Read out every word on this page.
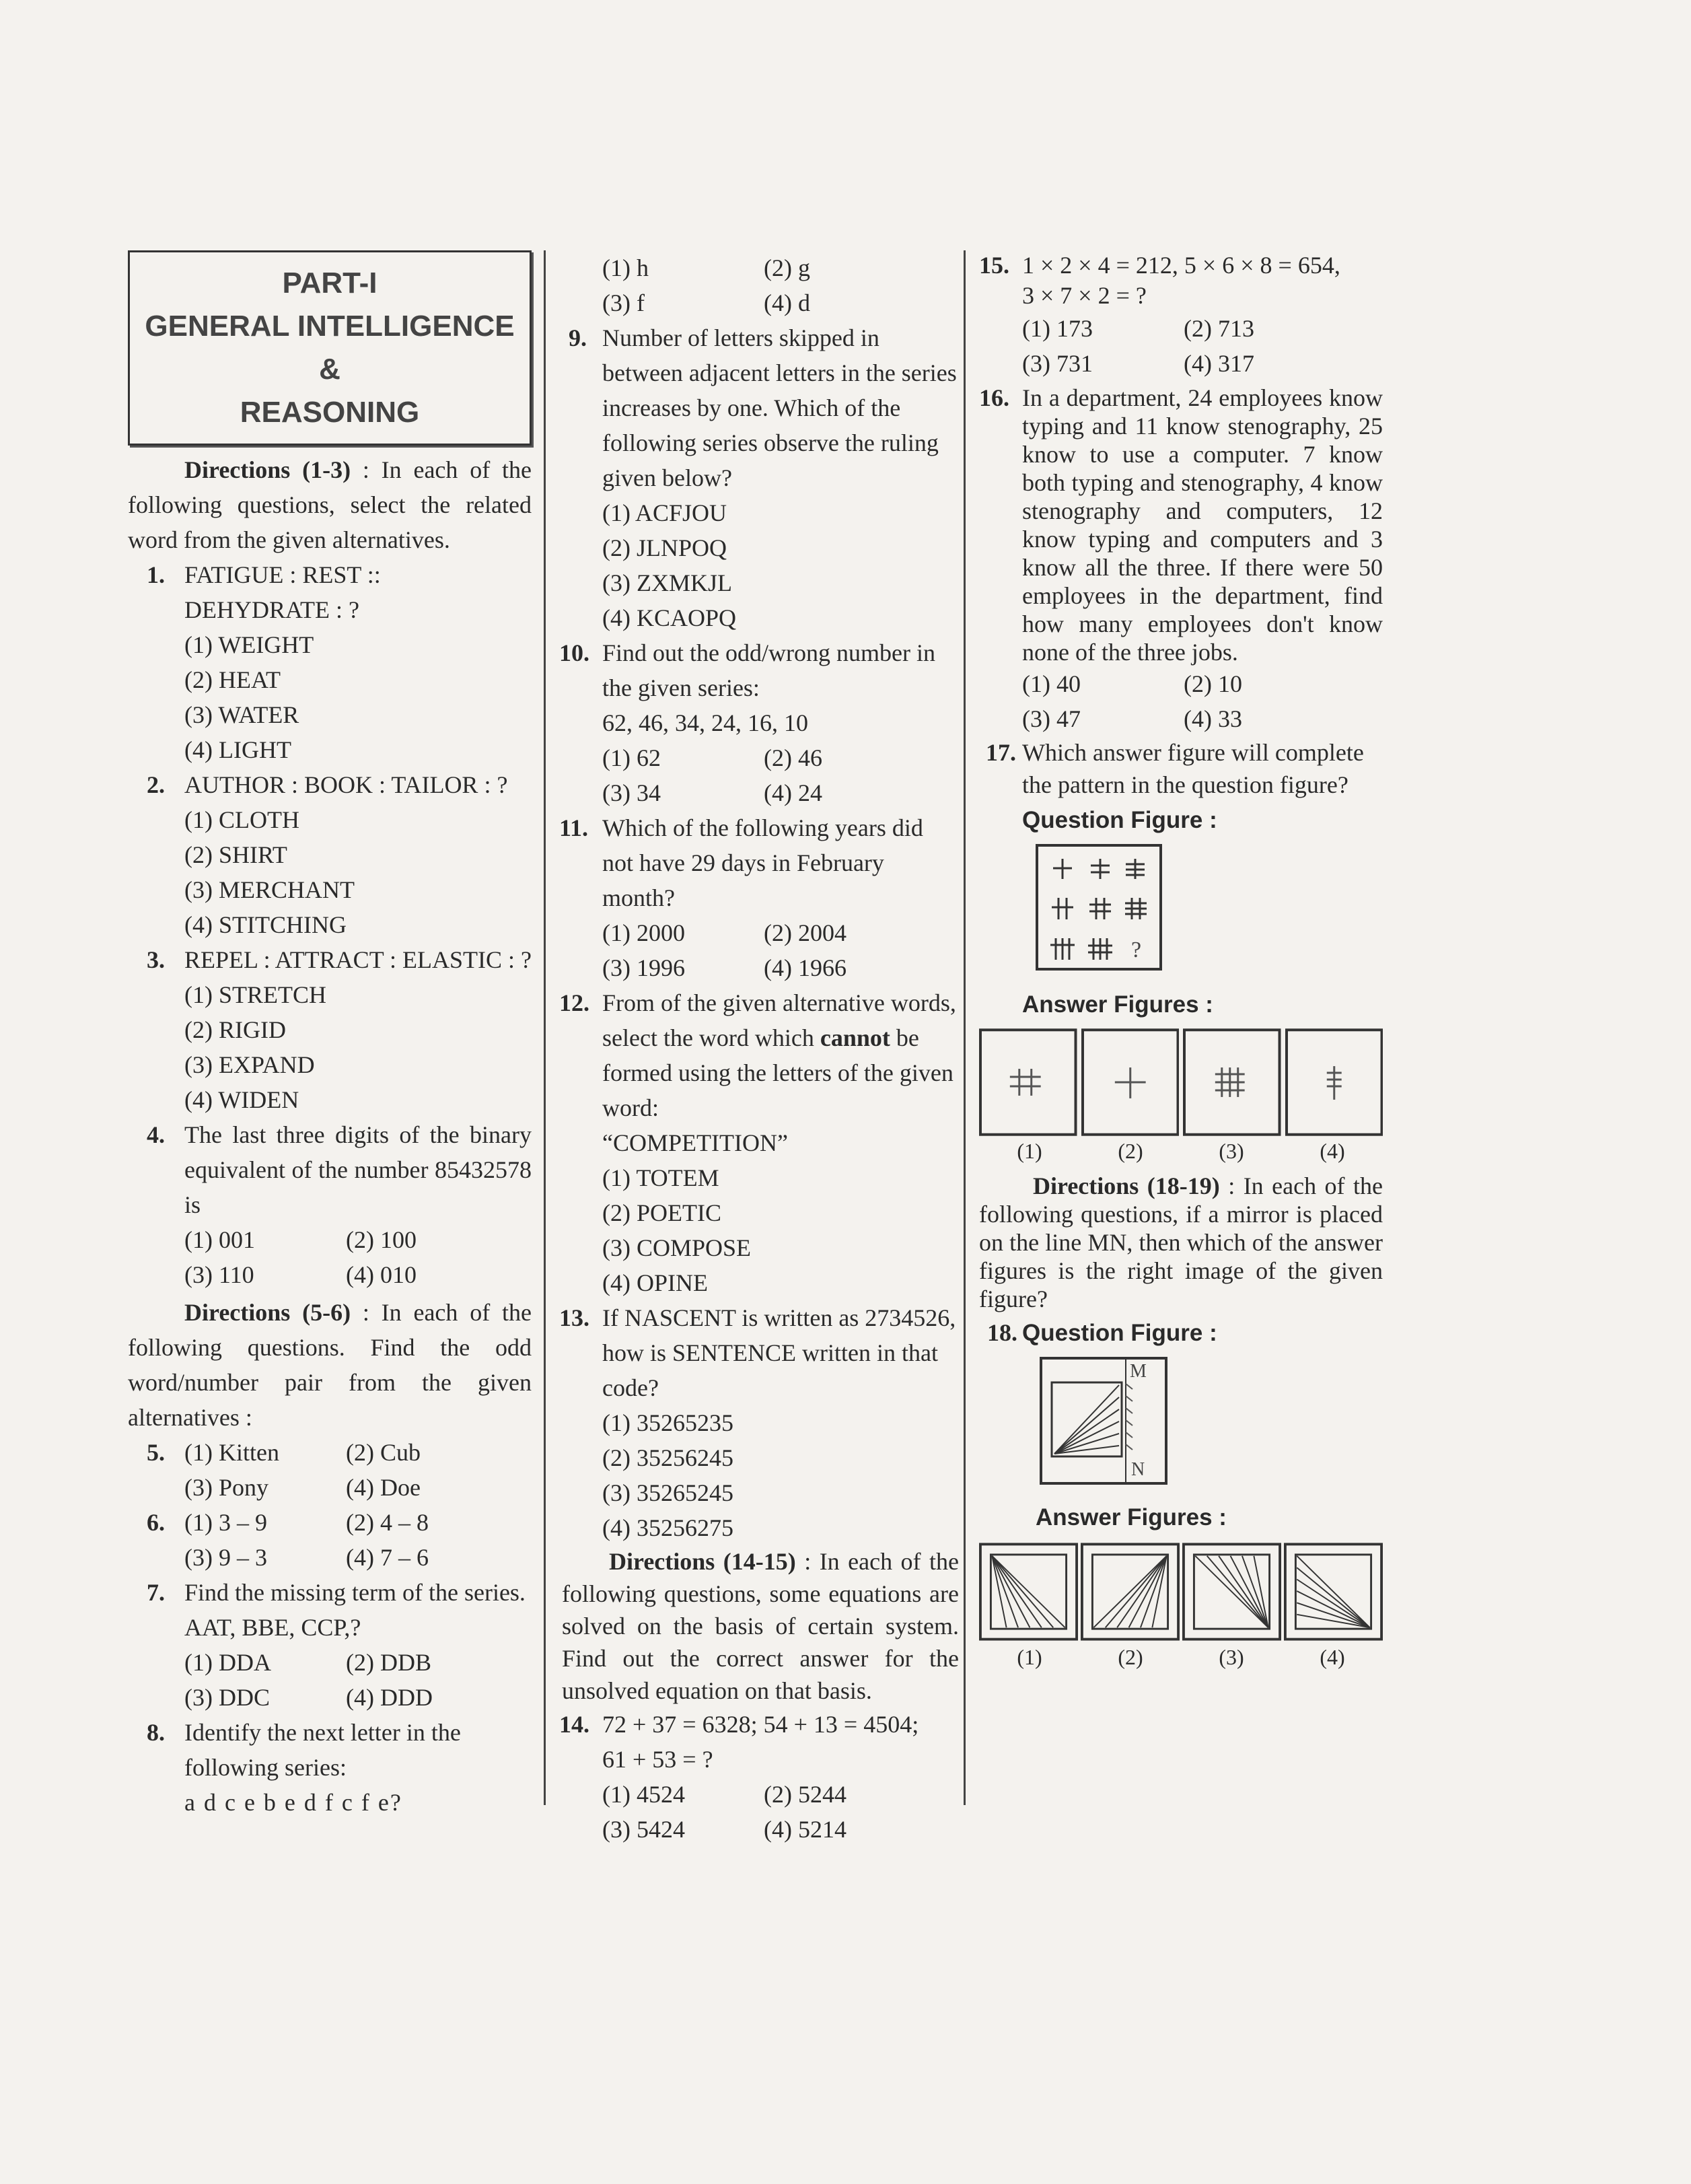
PART-I
GENERAL INTELLIGENCE &
REASONING

Directions (1-3) : In each of the following questions, select the related word from the given alternatives.

1. FATIGUE : REST :: DEHYDRATE : ?
(1) WEIGHT
(2) HEAT
(3) WATER
(4) LIGHT
2. AUTHOR : BOOK : TAILOR : ?
(1) CLOTH
(2) SHIRT
(3) MERCHANT
(4) STITCHING
3. REPEL : ATTRACT : ELASTIC : ?
(1) STRETCH
(2) RIGID
(3) EXPAND
(4) WIDEN
4. The last three digits of the binary equivalent of the number 85432578 is
(1) 001	(2) 100
(3) 110	(4) 010

Directions (5-6) : In each of the following questions. Find the odd word/number pair from the given alternatives :

5. (1) Kitten	(2) Cub
(3) Pony	(4) Doe
6. (1) 3 – 9	(2) 4 – 8
(3) 9 – 3	(4) 7 – 6
7. Find the missing term of the series.
AAT, BBE, CCP,?
(1) DDA	(2) DDB
(3) DDC	(4) DDD
8. Identify the next letter in the following series:
a d c e b e d f c f e?
(1) h	(2) g
(3) f	(4) d
9. Number of letters skipped in between adjacent letters in the series increases by one. Which of the following series observe the ruling given below?
(1) ACFJOU
(2) JLNPOQ
(3) ZXMKJL
(4) KCAOPQ
10. Find out the odd/wrong number in the given series:
62, 46, 34, 24, 16, 10
(1) 62	(2) 46
(3) 34	(4) 24
11. Which of the following years did not have 29 days in February month?
(1) 2000	(2) 2004
(3) 1996	(4) 1966
12. From of the given alternative words, select the word which cannot be formed using the letters of the given word:
“COMPETITION”
(1) TOTEM
(2) POETIC
(3) COMPOSE
(4) OPINE
13. If NASCENT is written as 2734526, how is SENTENCE written in that code?
(1) 35265235
(2) 35256245
(3) 35265245
(4) 35256275

Directions (14-15) : In each of the following questions, some equations are solved on the basis of certain system. Find out the correct answer for the unsolved equation on that basis.

14. 72 + 37 = 6328; 54 + 13 = 4504;
61 + 53 = ?
(1) 4524	(2) 5244
(3) 5424	(4) 5214
15. 1 × 2 × 4 = 212, 5 × 6 × 8 = 654,
3 × 7 × 2 = ?
(1) 173	(2) 713
(3) 731	(4) 317
16. In a department, 24 employees know typing and 11 know stenography, 25 know to use a computer. 7 know both typing and stenography, 4 know stenography and computers, 12 know typing and computers and 3 know all the three. If there were 50 employees in the department, find how many employees don't know none of the three jobs.
(1) 40	(2) 10
(3) 47	(4) 33
17. Which answer figure will complete the pattern in the question figure?
Question Figure :
?
Answer Figures :
(1)	(2)	(3)	(4)

Directions (18-19) : In each of the following questions, if a mirror is placed on the line MN, then which of the answer figures is the right image of the given figure?

18. Question Figure :
M
N
Answer Figures :
(1)	(2)	(3)	(4)
